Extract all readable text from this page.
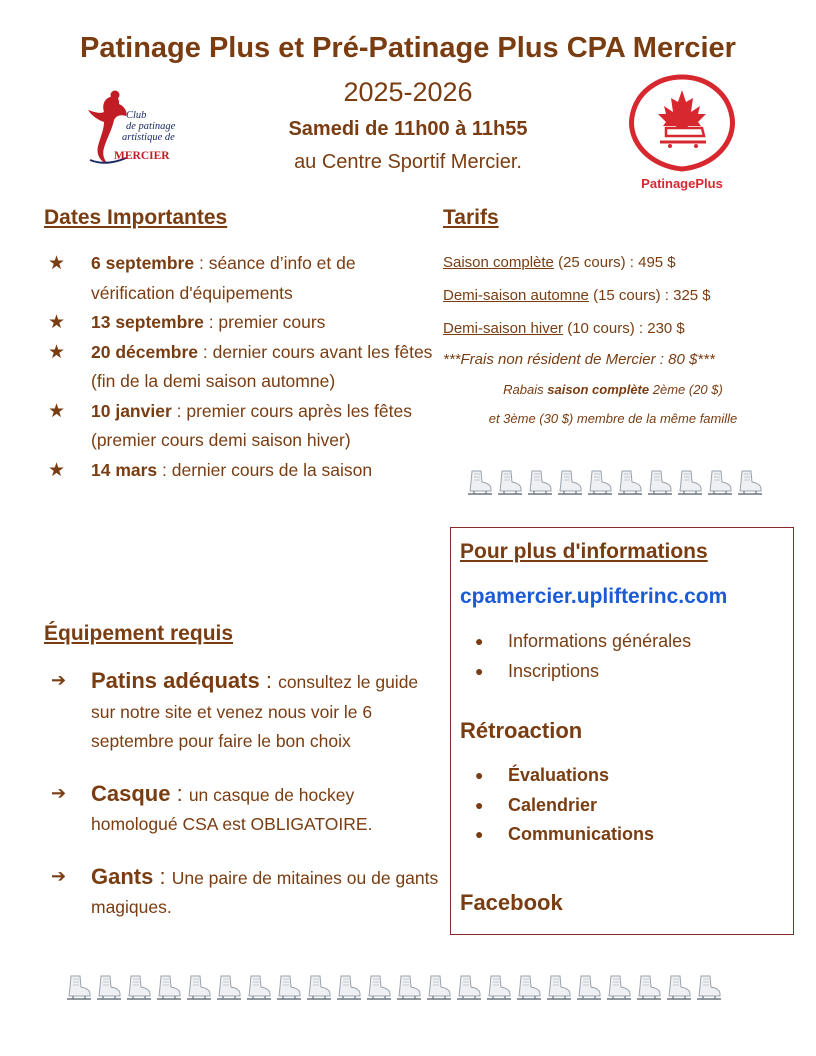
Patinage Plus et Pré-Patinage Plus CPA Mercier
2025-2026
Samedi de 11h00 à 11h55
au Centre Sportif Mercier.
Club
de patinage
artistique de
MERCIER
PatinagePlus
Dates Importantes
★ 6 septembre : séance d’info et de vérification d'équipements
★ 13 septembre : premier cours
★ 20 décembre : dernier cours avant les fêtes (fin de la demi saison automne)
★ 10 janvier : premier cours après les fêtes (premier cours demi saison hiver)
★ 14 mars : dernier cours de la saison
Équipement requis
➔ Patins adéquats : consultez le guide sur notre site et venez nous voir le 6 septembre pour faire le bon choix
➔ Casque : un casque de hockey homologué CSA est OBLIGATOIRE.
➔ Gants : Une paire de mitaines ou de gants magiques.
Tarifs
Saison complète (25 cours) : 495 $
Demi-saison automne (15 cours) : 325 $
Demi-saison hiver (10 cours) : 230 $
***Frais non résident de Mercier : 80 $***
Rabais saison complète 2ème (20 $)
et 3ème (30 $) membre de la même famille
Pour plus d'informations
cpamercier.uplifterinc.com
● Informations générales
● Inscriptions
Rétroaction
● Évaluations
● Calendrier
● Communications
Facebook
